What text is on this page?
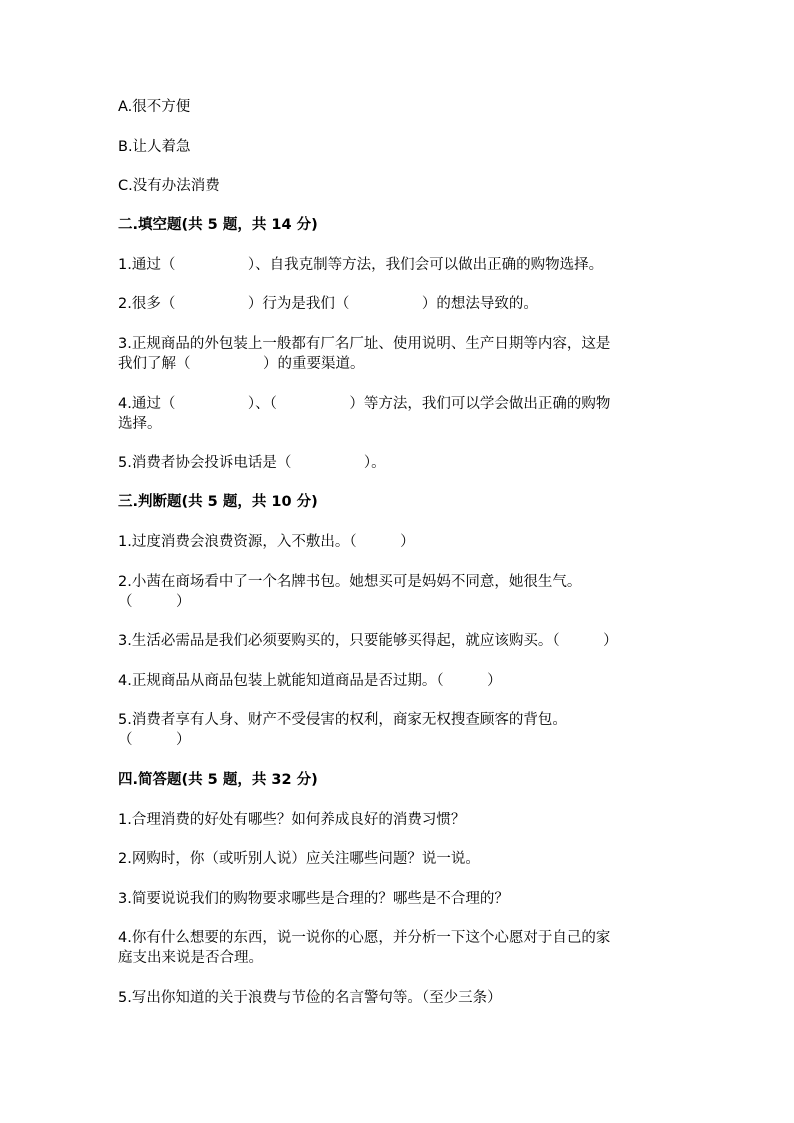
A.很不方便
B.让人着急
C.没有办法消费
二.填空题(共 5 题，共 14 分)
1.通过（　　　　　）、自我克制等方法，我们会可以做出正确的购物选择。
2.很多（　　　　　）行为是我们（　　　　　）的想法导致的。
3.正规商品的外包装上一般都有厂名厂址、使用说明、生产日期等内容，这是
我们了解（　　　　　）的重要渠道。
4.通过（　　　　　）、（　　　　　）等方法，我们可以学会做出正确的购物
选择。
5.消费者协会投诉电话是（　　　　　）。
三.判断题(共 5 题，共 10 分)
1.过度消费会浪费资源，入不敷出。（　　　）
2.小茜在商场看中了一个名牌书包。她想买可是妈妈不同意，她很生气。
（　　　）
3.生活必需品是我们必须要购买的，只要能够买得起，就应该购买。（　　　）
4.正规商品从商品包装上就能知道商品是否过期。（　　　）
5.消费者享有人身、财产不受侵害的权利，商家无权搜查顾客的背包。
（　　　）
四.简答题(共 5 题，共 32 分)
1.合理消费的好处有哪些？如何养成良好的消费习惯？
2.网购时，你（或听别人说）应关注哪些问题？说一说。
3.简要说说我们的购物要求哪些是合理的？哪些是不合理的？
4.你有什么想要的东西，说一说你的心愿，并分析一下这个心愿对于自己的家
庭支出来说是否合理。
5.写出你知道的关于浪费与节俭的名言警句等。（至少三条）
